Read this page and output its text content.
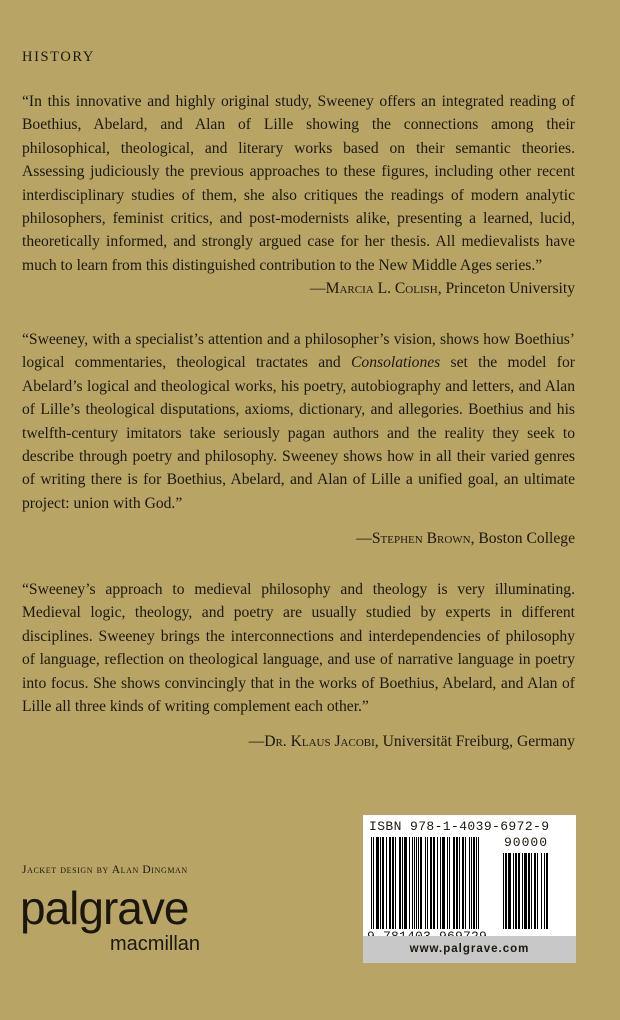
HISTORY

“In this innovative and highly original study, Sweeney offers an integrated reading of Boethius, Abelard, and Alan of Lille showing the connections among their philosophical, theological, and literary works based on their semantic theories. Assessing judiciously the previous approaches to these figures, including other recent interdisciplinary studies of them, she also critiques the readings of modern analytic philosophers, feminist critics, and post-modernists alike, presenting a learned, lucid, theoretically informed, and strongly argued case for her thesis. All medievalists have much to learn from this distinguished contribution to the New Middle Ages series.”
—Marcia L. Colish, Princeton University

“Sweeney, with a specialist’s attention and a philosopher’s vision, shows how Boethius’ logical commentaries, theological tractates and Consolationes set the model for Abelard’s logical and theological works, his poetry, autobiography and letters, and Alan of Lille’s theological disputations, axioms, dictionary, and allegories. Boethius and his twelfth-century imitators take seriously pagan authors and the reality they seek to describe through poetry and philosophy. Sweeney shows how in all their varied genres of writing there is for Boethius, Abelard, and Alan of Lille a unified goal, an ultimate project: union with God.”

—Stephen Brown, Boston College

“Sweeney’s approach to medieval philosophy and theology is very illuminating. Medieval logic, theology, and poetry are usually studied by experts in different disciplines. Sweeney brings the interconnections and interdependencies of philosophy of language, reflection on theological language, and use of narrative language in poetry into focus. She shows convincingly that in the works of Boethius, Abelard, and Alan of Lille all three kinds of writing complement each other.”

—Dr. Klaus Jacobi, Universität Freiburg, Germany
Jacket design by Alan Dingman
palgrave
macmillan
ISBN 978-1-4039-6972-9
90000
www.palgrave.com
